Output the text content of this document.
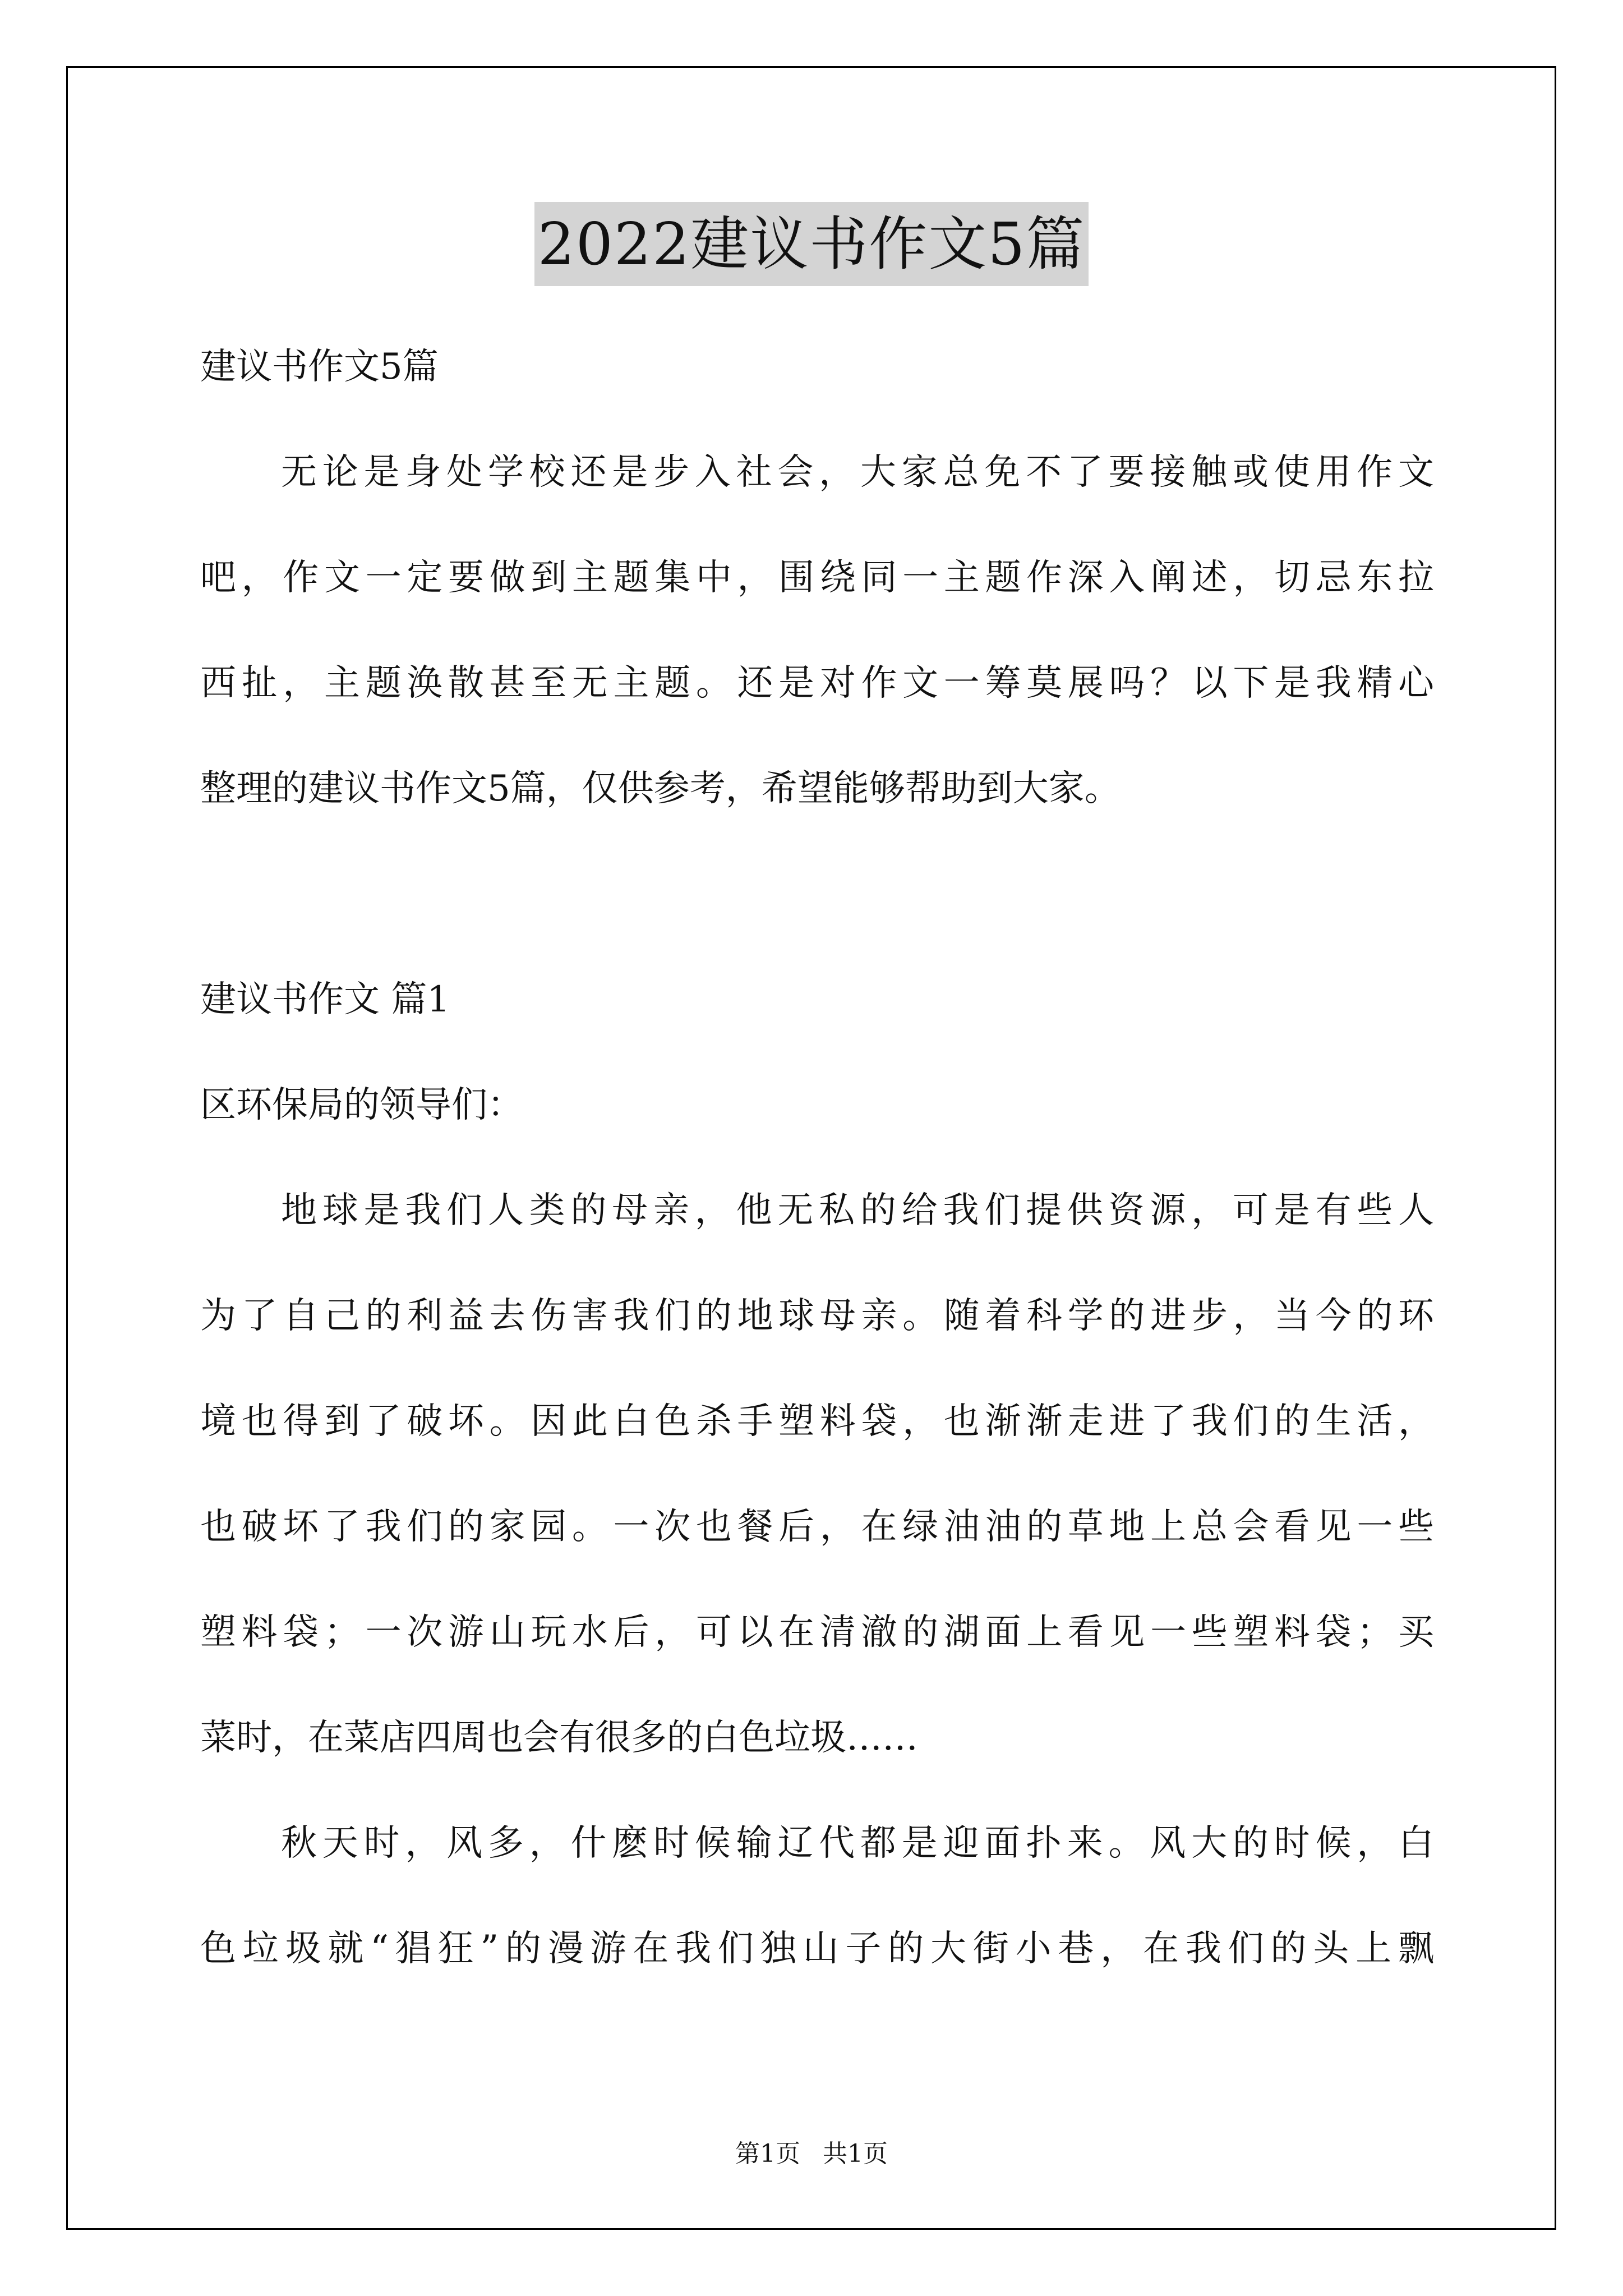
2022建议书作文5篇
建议书作文5篇
无论是身处学校还是步入社会，大家总免不了要接触或使用作文
吧，作文一定要做到主题集中，围绕同一主题作深入阐述，切忌东拉
西扯，主题涣散甚至无主题。还是对作文一筹莫展吗？以下是我精心
整理的建议书作文5篇，仅供参考，希望能够帮助到大家。
建议书作文 篇1
区环保局的领导们：
地球是我们人类的母亲，他无私的给我们提供资源，可是有些人
为了自己的利益去伤害我们的地球母亲。随着科学的进步，当今的环
境也得到了破坏。因此白色杀手塑料袋，也渐渐走进了我们的生活，
也破坏了我们的家园。一次也餐后，在绿油油的草地上总会看见一些
塑料袋；一次游山玩水后，可以在清澈的湖面上看见一些塑料袋；买
菜时，在菜店四周也会有很多的白色垃圾……
秋天时，风多，什麽时候输辽代都是迎面扑来。风大的时候，白
色垃圾就“猖狂”的漫游在我们独山子的大街小巷，在我们的头上飘
第1页 共1页
